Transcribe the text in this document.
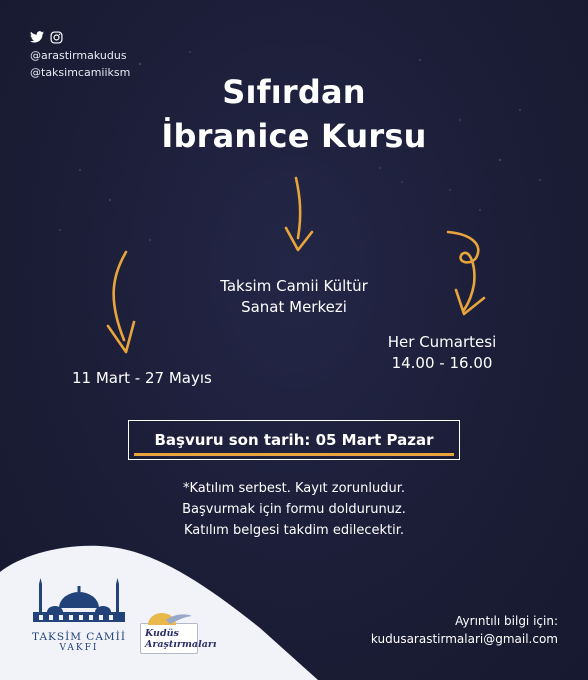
@arastirmakudus
@taksimcamiiksm
Sıfırdan
İbranice Kursu
Taksim Camii Kültür
Sanat Merkezi
11 Mart - 27 Mayıs
Her Cumartesi
14.00 - 16.00
Başvuru son tarih: 05 Mart Pazar
*Katılım serbest. Kayıt zorunludur.
Başvurmak için formu doldurunuz.
Katılım belgesi takdim edilecektir.
TAKSİM CAMİİ
VAKFI
Kudüs
Araştırmaları
Ayrıntılı bilgi için:
kudusarastirmalari@gmail.com
